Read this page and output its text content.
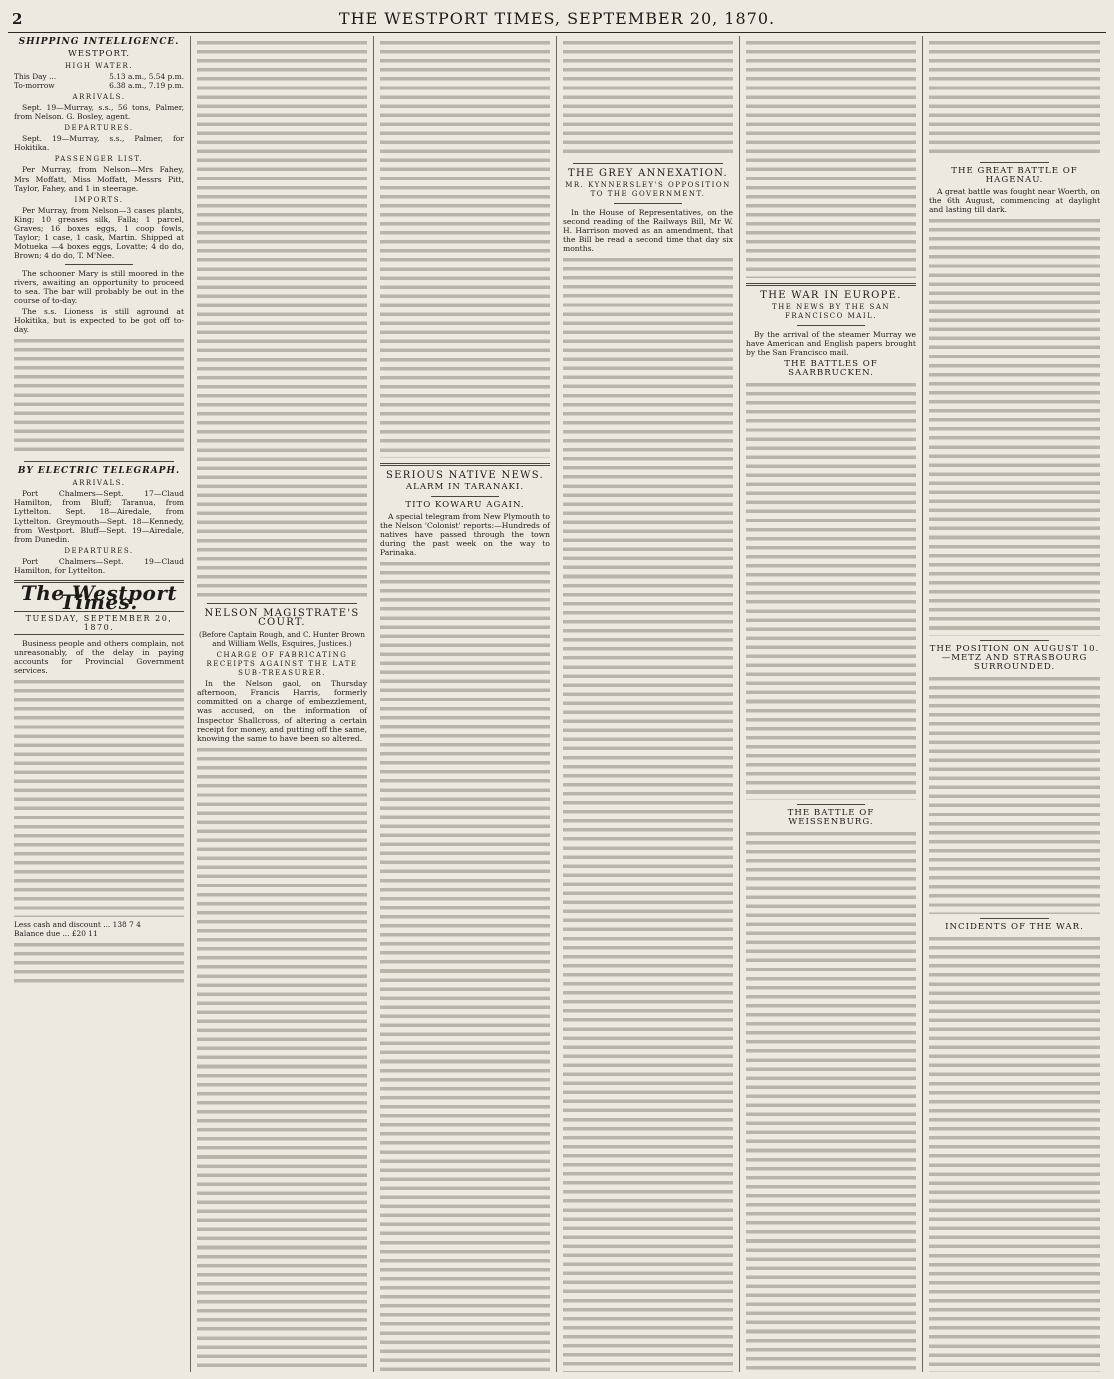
2	THE WESTPORT TIMES, SEPTEMBER 20, 1870.
SHIPPING INTELLIGENCE.
WESTPORT.
HIGH WATER.
This Day ...	5.13 a.m., 5.54 p.m.
To-morrow	6.38 a.m., 7.19 p.m.
ARRIVALS.

Sept. 19—Murray, s.s., 56 tons, Palmer, from Nelson. G. Bosley, agent.

DEPARTURES.

Sept. 19—Murray, s.s., Palmer, for Hokitika.

PASSENGER LIST.

Per Murray, from Nelson—Mrs Fahey, Mrs Moffatt, Miss Moffatt, Messrs Pitt, Taylor, Fahey, and 1 in steerage.

IMPORTS.

Per Murray, from Nelson—3 cases plants, King; 10 greases silk, Falla; 1 parcel, Graves; 16 boxes eggs, 1 coop fowls, Taylor; 1 case, 1 cask, Martin. Shipped at Motueka —4 boxes eggs, Lovatte; 4 do do, Brown; 4 do do, T. M'Nee.

The schooner Mary is still moored in the rivers, awaiting an opportunity to proceed to sea. The bar will probably be out in the course of to-day.

The s.s. Lioness is still aground at Hokitika, but is expected to be got off to-day.

BY ELECTRIC TELEGRAPH.
ARRIVALS.

Port Chalmers—Sept. 17—Claud Hamilton, from Bluff; Taranua, from Lyttelton. Sept. 18—Airedale, from Lyttelton. Greymouth—Sept. 18—Kennedy, from Westport. Bluff—Sept. 19—Airedale, from Dunedin.

DEPARTURES.

Port Chalmers—Sept. 19—Claud Hamilton, for Lyttelton.

The Westport Times.
TUESDAY, SEPTEMBER 20, 1870.

Business people and others complain, not unreasonably, of the delay in paying accounts for Provincial Government services.

Less cash and discount ... 138 7 4
Balance due ... £20 11
NELSON MAGISTRATE'S COURT.
(Before Captain Rough, and C. Hunter Brown and William Wells, Esquires, Justices.)
CHARGE OF FABRICATING RECEIPTS AGAINST THE LATE SUB-TREASURER.

In the Nelson gaol, on Thursday afternoon, Francis Harris, formerly committed on a charge of embezzlement, was accused, on the information of Inspector Shallcross, of altering a certain receipt for money, and putting off the same, knowing the same to have been so altered.

SERIOUS NATIVE NEWS.
ALARM IN TARANAKI.
TITO KOWARU AGAIN.

A special telegram from New Plymouth to the Nelson 'Colonist' reports:—Hundreds of natives have passed through the town during the past week on the way to Parinaka.

THE GREY ANNEXATION.
MR. KYNNERSLEY'S OPPOSITION TO THE GOVERNMENT.

In the House of Representatives, on the second reading of the Railways Bill, Mr W. H. Harrison moved as an amendment, that the Bill be read a second time that day six months.

THE WAR IN EUROPE.
THE NEWS BY THE SAN FRANCISCO MAIL.

By the arrival of the steamer Murray we have American and English papers brought by the San Francisco mail.

THE BATTLES OF SAARBRUCKEN.
THE BATTLE OF WEISSENBURG.
THE GREAT BATTLE OF HAGENAU.

A great battle was fought near Woerth, on the 6th August, commencing at daylight and lasting till dark.

THE POSITION ON AUGUST 10.—METZ AND STRASBOURG SURROUNDED.
INCIDENTS OF THE WAR.
